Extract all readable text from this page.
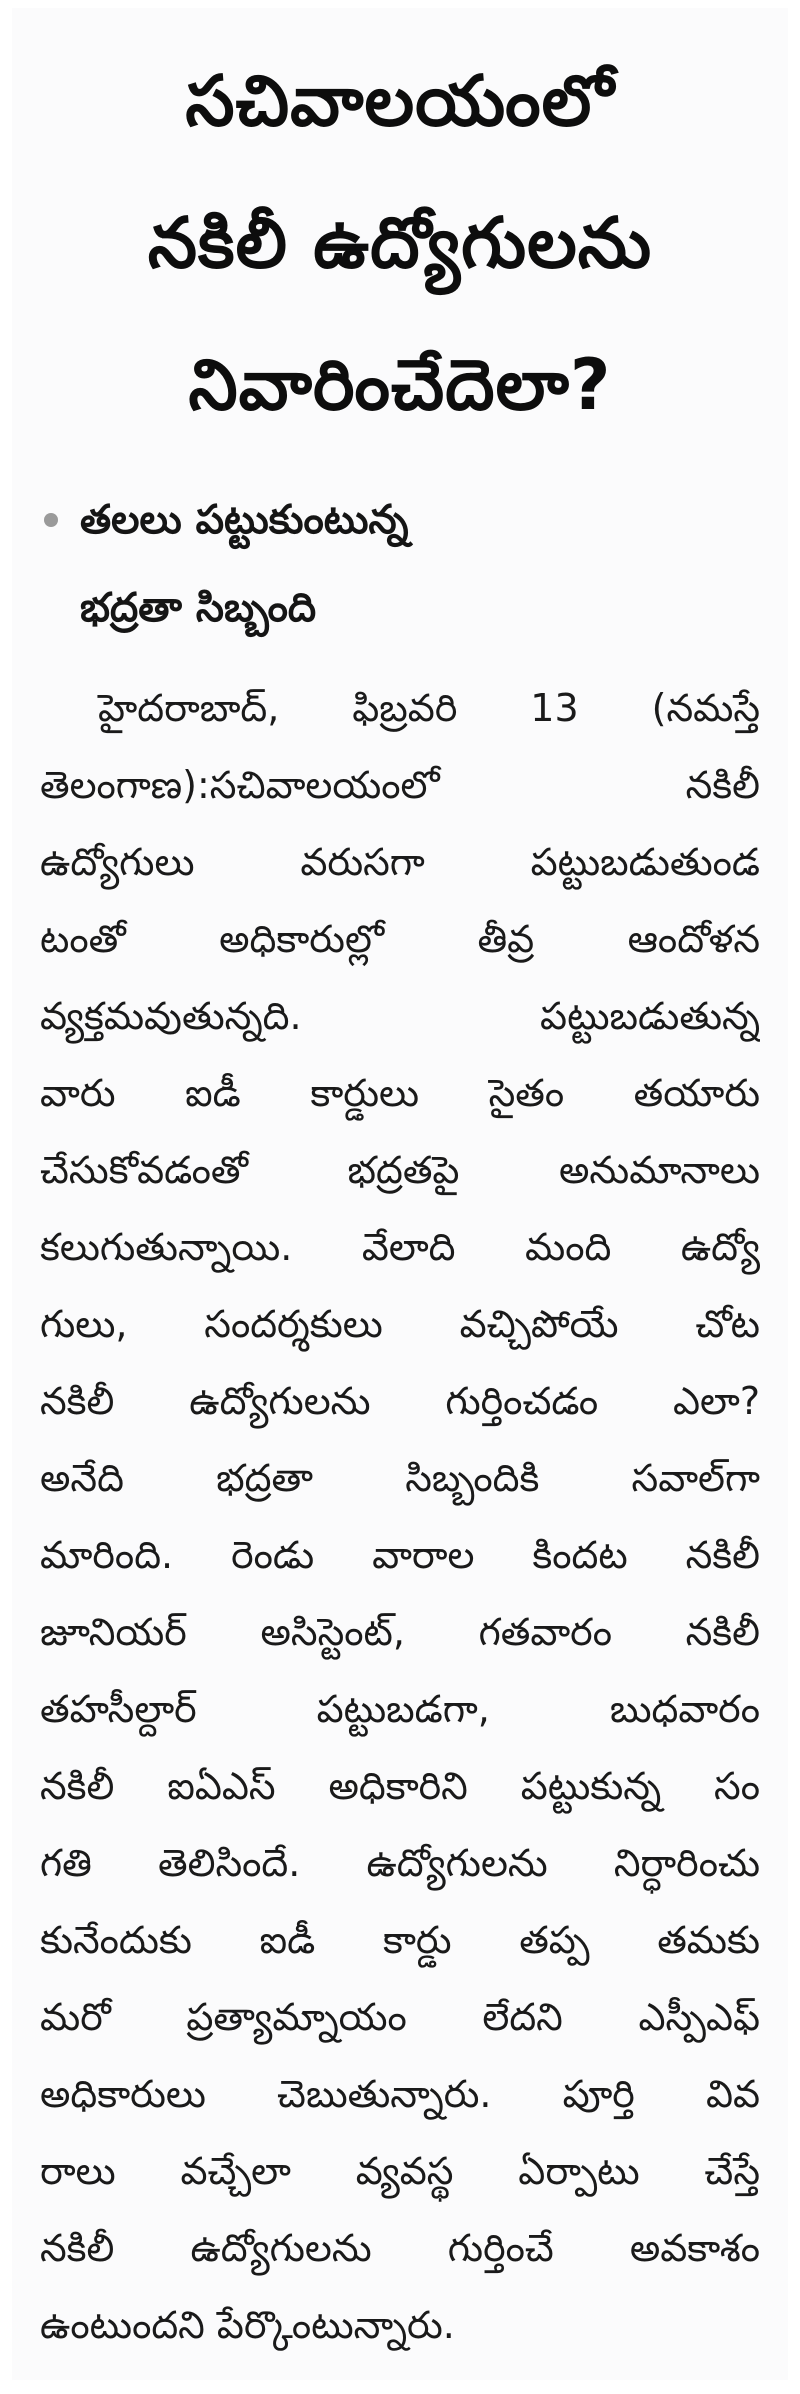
సచివాలయంలో
నకిలీ ఉద్యోగులను
నివారించేదెలా?
తలలు పట్టుకుంటున్న
భద్రతా సిబ్బంది
హైదరాబాద్, ఫిబ్రవరి 13 (నమస్తే
తెలంగాణ):సచివాలయంలో నకిలీ
ఉద్యోగులు వరుసగా పట్టుబడుతుండ
టంతో అధికారుల్లో తీవ్ర ఆందోళన
వ్యక్తమవుతున్నది. పట్టుబడుతున్న
వారు ఐడీ కార్డులు సైతం తయారు
చేసుకోవడంతో భద్రతపై అనుమానాలు
కలుగుతున్నాయి. వేలాది మంది ఉద్యో
గులు, సందర్శకులు వచ్చిపోయే చోట
నకిలీ ఉద్యోగులను గుర్తించడం ఎలా?
అనేది భద్రతా సిబ్బందికి సవాల్‌గా
మారింది. రెండు వారాల కిందట నకిలీ
జూనియర్ అసిస్టెంట్, గతవారం నకిలీ
తహసీల్దార్ పట్టుబడగా, బుధవారం
నకిలీ ఐఏఎస్ అధికారిని పట్టుకున్న సం
గతి తెలిసిందే. ఉద్యోగులను నిర్ధారించు
కునేందుకు ఐడీ కార్డు తప్ప తమకు
మరో ప్రత్యామ్నాయం లేదని ఎస్పీఎఫ్
అధికారులు చెబుతున్నారు. పూర్తి వివ
రాలు వచ్చేలా వ్యవస్థ ఏర్పాటు చేస్తే
నకిలీ ఉద్యోగులను గుర్తించే అవకాశం
ఉంటుందని పేర్కొంటున్నారు.
